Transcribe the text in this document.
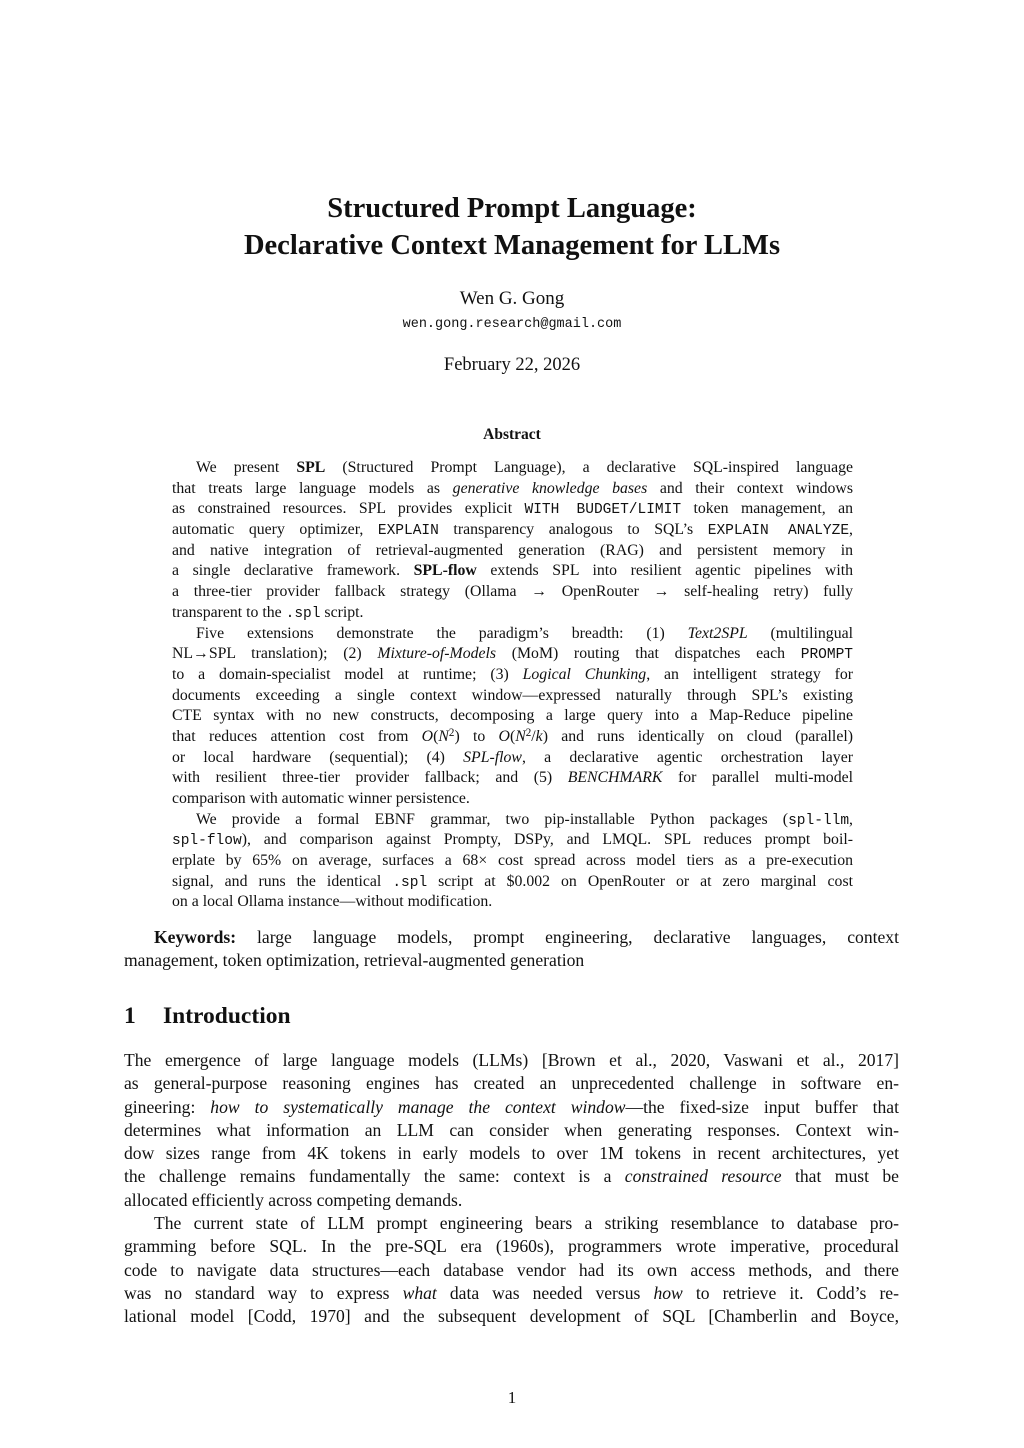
Structured Prompt Language:
Declarative Context Management for LLMs
Wen G. Gong
wen.gong.research@gmail.com
February 22, 2026
Abstract
We present SPL (Structured Prompt Language), a declarative SQL-inspired language
that treats large language models as generative knowledge bases and their context windows
as constrained resources. SPL provides explicit WITH BUDGET/LIMIT token management, an
automatic query optimizer, EXPLAIN transparency analogous to SQL’s EXPLAIN ANALYZE,
and native integration of retrieval-augmented generation (RAG) and persistent memory in
a single declarative framework. SPL-flow extends SPL into resilient agentic pipelines with
a three-tier provider fallback strategy (Ollama → OpenRouter → self-healing retry) fully
transparent to the .spl script.
Five extensions demonstrate the paradigm’s breadth: (1) Text2SPL (multilingual
NL→SPL translation); (2) Mixture-of-Models (MoM) routing that dispatches each PROMPT
to a domain-specialist model at runtime; (3) Logical Chunking, an intelligent strategy for
documents exceeding a single context window—expressed naturally through SPL’s existing
CTE syntax with no new constructs, decomposing a large query into a Map-Reduce pipeline
that reduces attention cost from $O(N^2)$ to $O(N^2/k)$ and runs identically on cloud (parallel)
or local hardware (sequential); (4) SPL-flow, a declarative agentic orchestration layer
with resilient three-tier provider fallback; and (5) BENCHMARK for parallel multi-model
comparison with automatic winner persistence.
We provide a formal EBNF grammar, two pip-installable Python packages (spl-llm,
spl-flow), and comparison against Prompty, DSPy, and LMQL. SPL reduces prompt boil-
erplate by 65% on average, surfaces a 68× cost spread across model tiers as a pre-execution
signal, and runs the identical .spl script at $0.002 on OpenRouter or at zero marginal cost
on a local Ollama instance—without modification.
Keywords: large language models, prompt engineering, declarative languages, context
management, token optimization, retrieval-augmented generation
1 Introduction
The emergence of large language models (LLMs) [Brown et al., 2020, Vaswani et al., 2017]
as general-purpose reasoning engines has created an unprecedented challenge in software en-
gineering: how to systematically manage the context window—the fixed-size input buffer that
determines what information an LLM can consider when generating responses. Context win-
dow sizes range from 4K tokens in early models to over 1M tokens in recent architectures, yet
the challenge remains fundamentally the same: context is a constrained resource that must be
allocated efficiently across competing demands.
The current state of LLM prompt engineering bears a striking resemblance to database pro-
gramming before SQL. In the pre-SQL era (1960s), programmers wrote imperative, procedural
code to navigate data structures—each database vendor had its own access methods, and there
was no standard way to express what data was needed versus how to retrieve it. Codd’s re-
lational model [Codd, 1970] and the subsequent development of SQL [Chamberlin and Boyce,
1
